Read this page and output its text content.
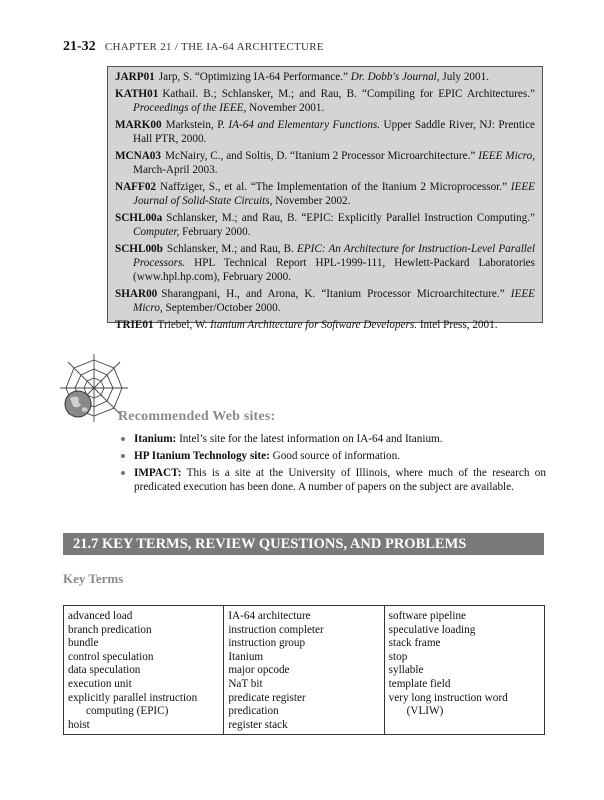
21-32 CHAPTER 21 / THE IA-64 ARCHITECTURE
JARP01 Jarp, S. “Optimizing IA-64 Performance.” Dr. Dobb's Journal, July 2001.
KATH01 Kathail. B.; Schlansker, M.; and Rau, B. “Compiling for EPIC Architectures.” Proceedings of the IEEE, November 2001.
MARK00 Markstein, P. IA-64 and Elementary Functions. Upper Saddle River, NJ: Prentice Hall PTR, 2000.
MCNA03 McNairy, C., and Soltis, D. “Itanium 2 Processor Microarchitecture.” IEEE Micro, March-April 2003.
NAFF02 Naffziger, S., et al. “The Implementation of the Itanium 2 Microprocessor.” IEEE Journal of Solid-State Circuits, November 2002.
SCHL00a Schlansker, M.; and Rau, B. “EPIC: Explicitly Parallel Instruction Computing.” Computer, February 2000.
SCHL00b Schlansker, M.; and Rau, B. EPIC: An Architecture for Instruction-Level Parallel Processors. HPL Technical Report HPL-1999-111, Hewlett-Packard Laboratories (www.hpl.hp.com), February 2000.
SHAR00 Sharangpani, H., and Arona, K. “Itanium Processor Microarchitecture.” IEEE Micro, September/October 2000.
TRIE01 Triebel, W. Itanium Architecture for Software Developers. Intel Press, 2001.
Recommended Web sites:
Itanium: Intel’s site for the latest information on IA-64 and Itanium.
HP Itanium Technology site: Good source of information.
IMPACT: This is a site at the University of Illinois, where much of the research on predicated execution has been done. A number of papers on the subject are available.
21.7 KEY TERMS, REVIEW QUESTIONS, AND PROBLEMS
Key Terms
advanced load
branch predication
bundle
control speculation
data speculation
execution unit
explicitly parallel instruction computing (EPIC)
hoist
IA-64 architecture
instruction completer
instruction group
Itanium
major opcode
NaT bit
predicate register
predication
register stack
software pipeline
speculative loading
stack frame
stop
syllable
template field
very long instruction word (VLIW)
